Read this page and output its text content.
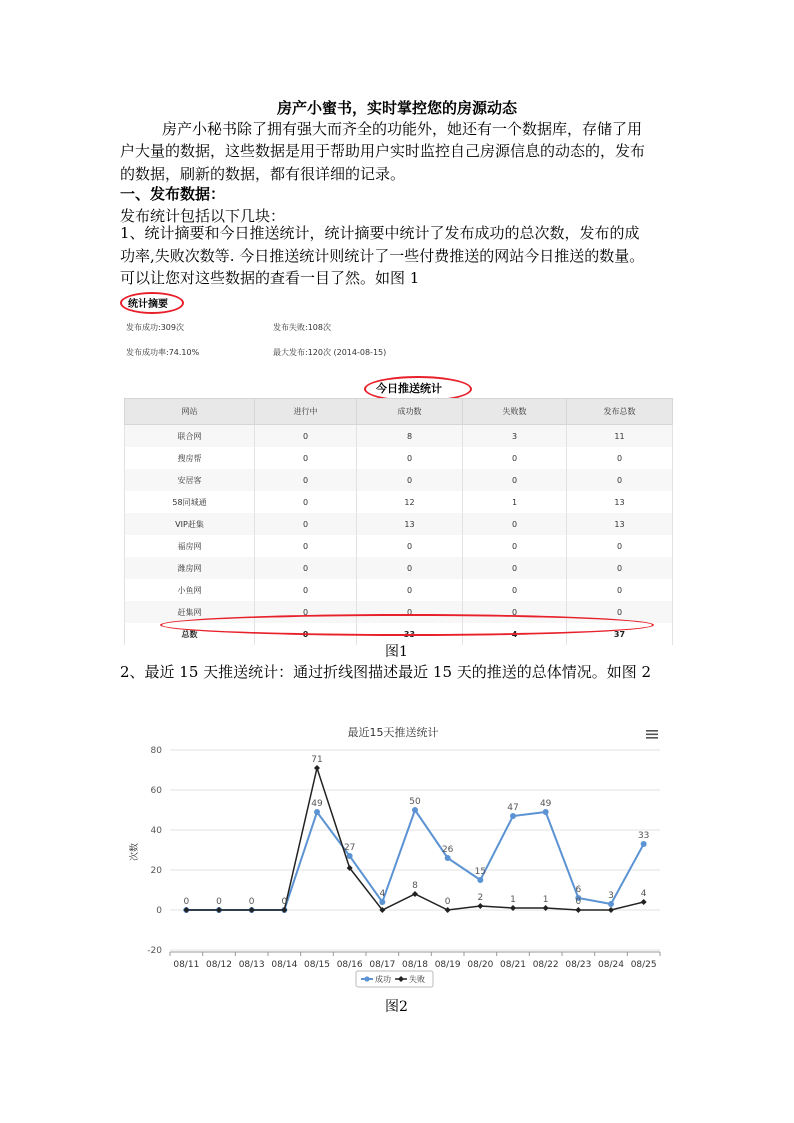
房产小蜜书，实时掌控您的房源动态

房产小秘书除了拥有强大而齐全的功能外，她还有一个数据库，存储了用

户大量的数据，这些数据是用于帮助用户实时监控自己房源信息的动态的，发布
的数据，刷新的数据，都有很详细的记录。

一、发布数据：

发布统计包括以下几块：

1、统计摘要和今日推送统计，统计摘要中统计了发布成功的总次数，发布的成
功率,失败次数等. 今日推送统计则统计了一些付费推送的网站今日推送的数量。
可以让您对这些数据的查看一目了然。如图 1

统计摘要
发布成功:309次	发布失败:108次
发布成功率:74.10%	最大发布:120次 (2014-08-15)
今日推送统计
网站	进行中	成功数	失败数	发布总数
联合网	0	8	3	11
搜房帮	0	0	0	0
安居客	0	0	0	0
58同城通	0	12	1	13
VIP赶集	0	13	0	13
福房网	0	0	0	0
潍房网	0	0	0	0
小鱼网	0	0	0	0
赶集网	0	0	0	0
总数	0	33	4	37
图1

2、最近 15 天推送统计：通过折线图描述最近 15 天的推送的总体情况。如图 2

最近15天推送统计
次数
-20
0
20
40
60
80
08/11 08/12 08/13 08/14 08/15 08/16 08/17 08/18 08/19 08/20 08/21 08/22 08/23 08/24 08/25
0	0	0	0
49
27
4
50
26
15
47 49
6
3
33
71
8
0	2	1	1	0
4
成功 失败
图2
